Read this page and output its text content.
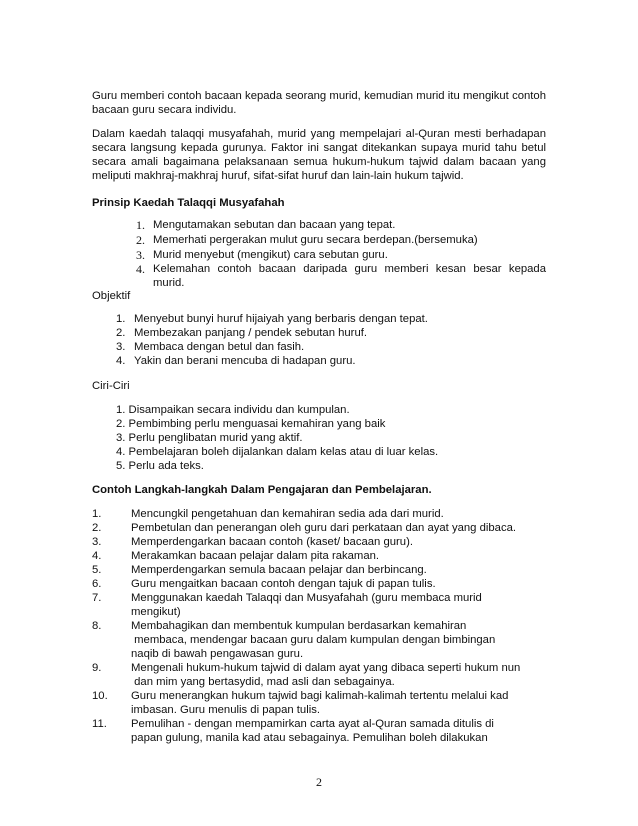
Guru memberi contoh bacaan kepada seorang murid, kemudian murid itu mengikut contoh bacaan guru secara individu.

Dalam kaedah talaqqi musyafahah, murid yang mempelajari al-Quran mesti berhadapan secara langsung kepada gurunya. Faktor ini sangat ditekankan supaya murid tahu betul secara amali bagaimana pelaksanaan semua hukum-hukum tajwid dalam bacaan yang meliputi makhraj-makhraj huruf, sifat-sifat huruf dan lain-lain hukum tajwid.

Prinsip Kaedah Talaqqi Musyafahah
1. Mengutamakan sebutan dan bacaan yang tepat.
2. Memerhati pergerakan mulut guru secara berdepan.(bersemuka)
3. Murid menyebut (mengikut) cara sebutan guru.
4. Kelemahan contoh bacaan daripada guru memberi kesan besar kepada
murid.
Objektif
1. Menyebut bunyi huruf hijaiyah yang berbaris dengan tepat.
2. Membezakan panjang / pendek sebutan huruf.
3. Membaca dengan betul dan fasih.
4. Yakin dan berani mencuba di hadapan guru.
Ciri-Ciri
1. Disampaikan secara individu dan kumpulan.
2. Pembimbing perlu menguasai kemahiran yang baik
3. Perlu penglibatan murid yang aktif.
4. Pembelajaran boleh dijalankan dalam kelas atau di luar kelas.
5. Perlu ada teks.
Contoh Langkah-langkah Dalam Pengajaran dan Pembelajaran.
1.	Mencungkil pengetahuan dan kemahiran sedia ada dari murid.
2.	Pembetulan dan penerangan oleh guru dari perkataan dan ayat yang dibaca.
3.	Memperdengarkan bacaan contoh (kaset/ bacaan guru).
4.	Merakamkan bacaan pelajar dalam pita rakaman.
5.	Memperdengarkan semula bacaan pelajar dan berbincang.
6.	Guru mengaitkan bacaan contoh dengan tajuk di papan tulis.
7.	Menggunakan kaedah Talaqqi dan Musyafahah (guru membaca murid
mengikut)
8.	Membahagikan dan membentuk kumpulan berdasarkan kemahiran
membaca, mendengar bacaan guru dalam kumpulan dengan bimbingan
naqib di bawah pengawasan guru.
9.	Mengenali hukum-hukum tajwid di dalam ayat yang dibaca seperti hukum nun
dan mim yang bertasydid, mad asli dan sebagainya.
10. Guru menerangkan hukum tajwid bagi kalimah-kalimah tertentu melalui kad
imbasan. Guru menulis di papan tulis.
11. Pemulihan - dengan mempamirkan carta ayat al-Quran samada ditulis di
papan gulung, manila kad atau sebagainya. Pemulihan boleh dilakukan
2
